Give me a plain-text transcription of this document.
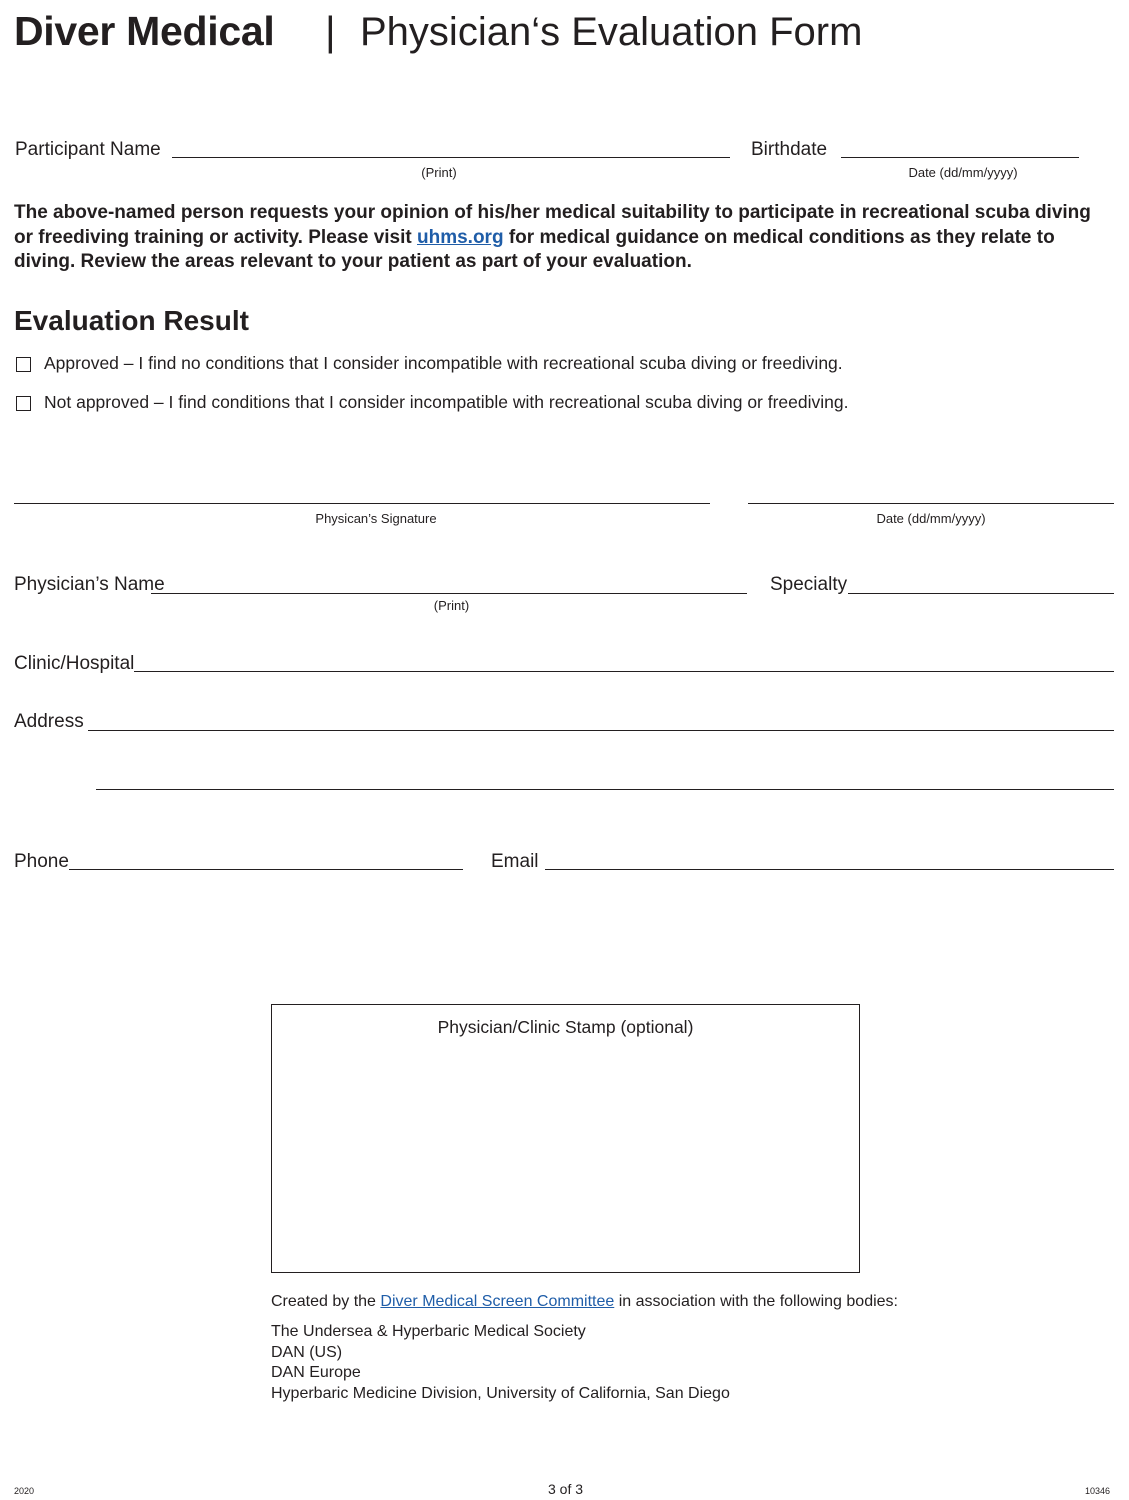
Diver Medical | Physician‘s Evaluation Form
Participant Name
(Print)
Birthdate
Date (dd/mm/yyyy)
The above-named person requests your opinion of his/her medical suitability to participate in recreational scuba diving or freediving training or activity. Please visit uhms.org for medical guidance on medical conditions as they relate to diving. Review the areas relevant to your patient as part of your evaluation.
Evaluation Result
Approved – I find no conditions that I consider incompatible with recreational scuba diving or freediving.
Not approved – I find conditions that I consider incompatible with recreational scuba diving or freediving.
Physican’s Signature	Date (dd/mm/yyyy)
Physician’s Name
(Print)
Specialty
Clinic/Hospital
Address
Phone	Email
Physician/Clinic Stamp (optional)
Created by the Diver Medical Screen Committee in association with the following bodies:
The Undersea & Hyperbaric Medical Society
DAN (US)
DAN Europe
Hyperbaric Medicine Division, University of California, San Diego
2020	3 of 3	10346
